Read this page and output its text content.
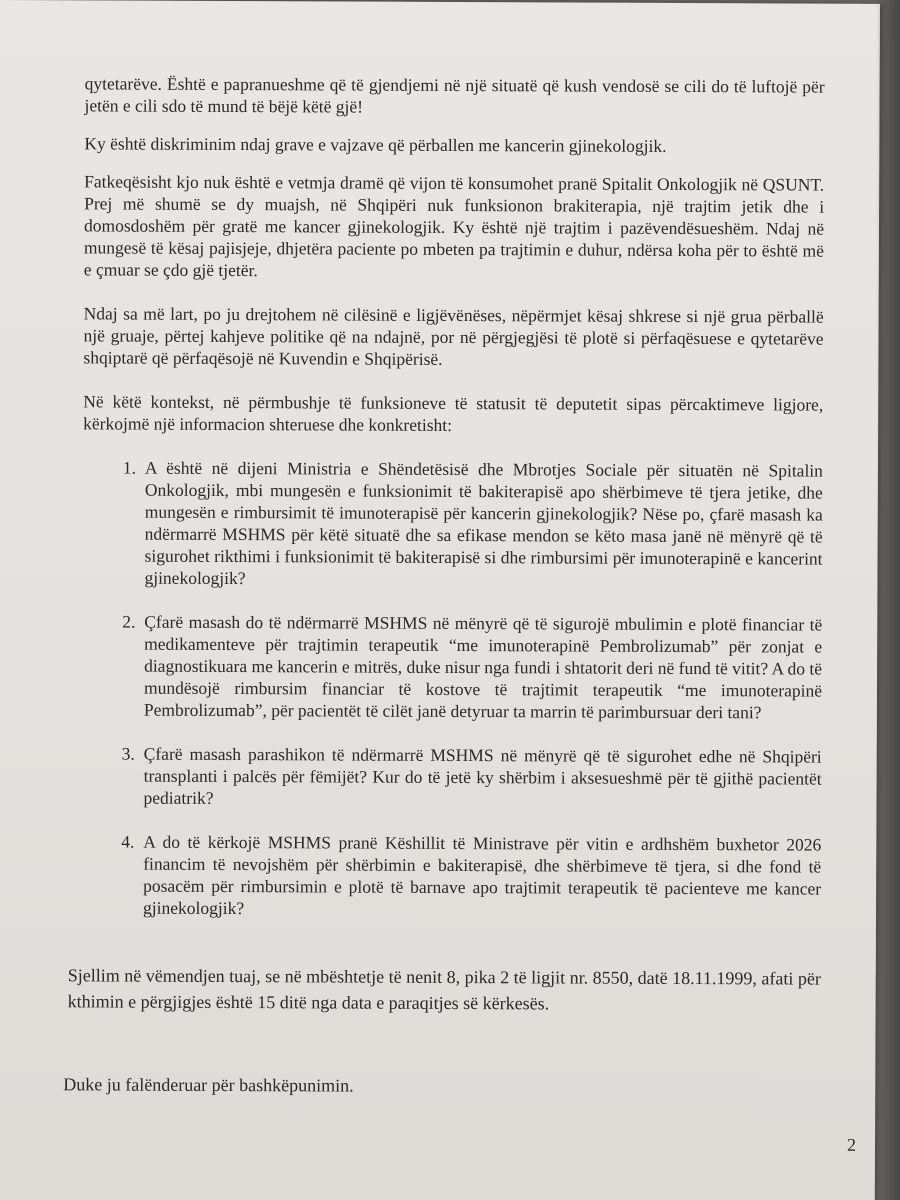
qytetarëve. Është e papranueshme që të gjendjemi në një situatë që kush vendosë se cili do të luftojë për jetën e cili sdo të mund të bëjë këtë gjë!

Ky është diskriminim ndaj grave e vajzave që përballen me kancerin gjinekologjik.

Fatkeqësisht kjo nuk është e vetmja dramë që vijon të konsumohet pranë Spitalit Onkologjik në QSUNT. Prej më shumë se dy muajsh, në Shqipëri nuk funksionon brakiterapia, një trajtim jetik dhe i domosdoshëm për gratë me kancer gjinekologjik. Ky është një trajtim i pazëvendësueshëm. Ndaj në mungesë të kësaj pajisjeje, dhjetëra paciente po mbeten pa trajtimin e duhur, ndërsa koha për to është më e çmuar se çdo gjë tjetër.

Ndaj sa më lart, po ju drejtohem në cilësinë e ligjëvënëses, nëpërmjet kësaj shkrese si një grua përballë një gruaje, përtej kahjeve politike që na ndajnë, por në përgjegjësi të plotë si përfaqësuese e qytetarëve shqiptarë që përfaqësojë në Kuvendin e Shqipërisë.

Në këtë kontekst, në përmbushje të funksioneve të statusit të deputetit sipas përcaktimeve ligjore, kërkojmë një informacion shteruese dhe konkretisht:

1. A është në dijeni Ministria e Shëndetësisë dhe Mbrotjes Sociale për situatën në Spitalin Onkologjik, mbi mungesën e funksionimit të bakiterapisë apo shërbimeve të tjera jetike, dhe mungesën e rimbursimit të imunoterapisë për kancerin gjinekologjik? Nëse po, çfarë masash ka ndërmarrë MSHMS për këtë situatë dhe sa efikase mendon se këto masa janë në mënyrë që të sigurohet rikthimi i funksionimit të bakiterapisë si dhe rimbursimi për imunoterapinë e kancerint gjinekologjik?
2. Çfarë masash do të ndërmarrë MSHMS në mënyrë që të sigurojë mbulimin e plotë financiar të medikamenteve për trajtimin terapeutik “me imunoterapinë Pembrolizumab” për zonjat e diagnostikuara me kancerin e mitrës, duke nisur nga fundi i shtatorit deri në fund të vitit? A do të mundësojë rimbursim financiar të kostove të trajtimit terapeutik “me imunoterapinë Pembrolizumab”, për pacientët të cilët janë detyruar ta marrin të parimbursuar deri tani?
3. Çfarë masash parashikon të ndërmarrë MSHMS në mënyrë që të sigurohet edhe në Shqipëri transplanti i palcës për fëmijët? Kur do të jetë ky shërbim i aksesueshmë për të gjithë pacientët pediatrik?
4. A do të kërkojë MSHMS pranë Këshillit të Ministrave për vitin e ardhshëm buxhetor 2026 financim të nevojshëm për shërbimin e bakiterapisë, dhe shërbimeve të tjera, si dhe fond të posacëm për rimbursimin e plotë të barnave apo trajtimit terapeutik të pacienteve me kancer gjinekologjik?

Sjellim në vëmendjen tuaj, se në mbështetje të nenit 8, pika 2 të ligjit nr. 8550, datë 18.11.1999, afati për kthimin e përgjigjes është 15 ditë nga data e paraqitjes së kërkesës.

Duke ju falënderuar për bashkëpunimin.

2
